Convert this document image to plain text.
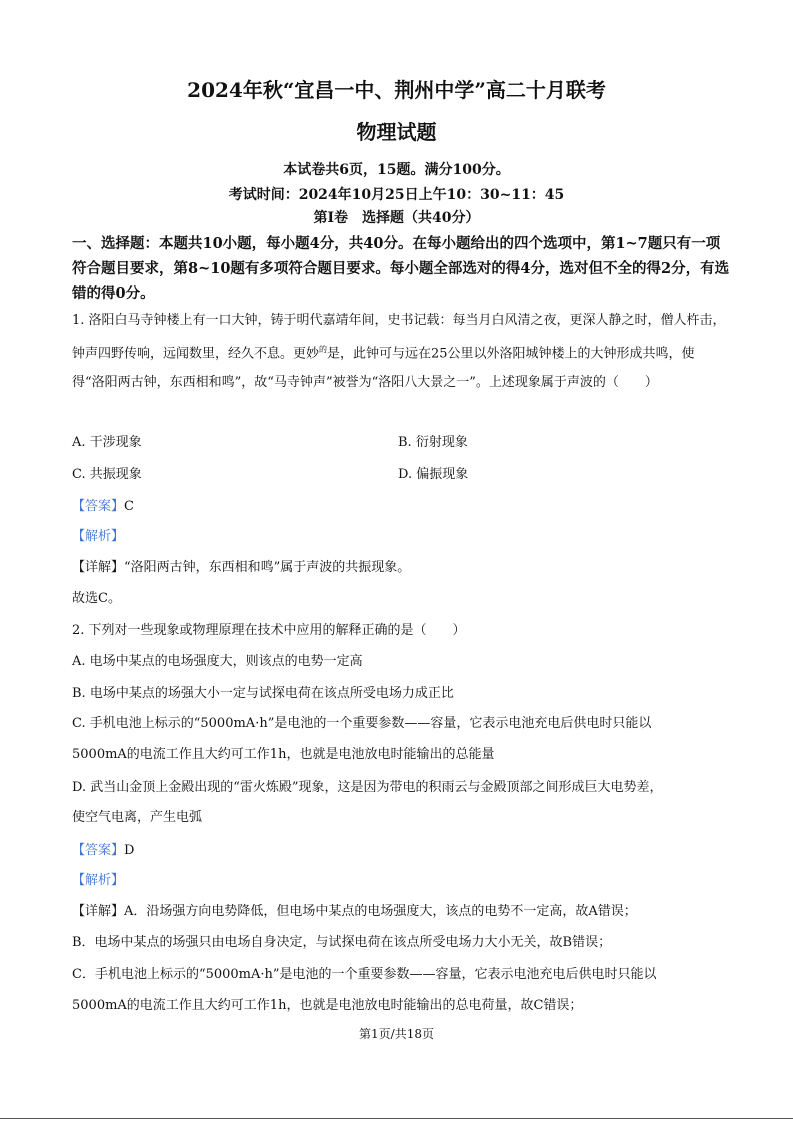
2024年秋“宜昌一中、荆州中学”高二十月联考
物理试题
本试卷共6页，15题。满分100分。
考试时间：2024年10月25日上午10：30~11：45
第Ⅰ卷　选择题（共40分）
一、选择题：本题共10小题，每小题4分，共40分。在每小题给出的四个选项中，第1~7题只有一项符合题目要求，第8~10题有多项符合题目要求。每小题全部选对的得4分，选对但不全的得2分，有选错的得0分。
1. 洛阳白马寺钟楼上有一口大钟，铸于明代嘉靖年间，史书记载：每当月白风清之夜，更深人静之时，僧人杵击，钟声四野传响，远闻数里，经久不息。更妙$^的$是，此钟可与远在25公里以外洛阳城钟楼上的大钟形成共鸣，使得“洛阳两古钟，东西相和鸣”，故“马寺钟声”被誉为“洛阳八大景之一”。上述现象属于声波的（　　）
A. 干涉现象	B. 衍射现象
C. 共振现象	D. 偏振现象
【答案】C
【解析】
【详解】“洛阳两古钟，东西相和鸣”属于声波的共振现象。
故选C。
2. 下列对一些现象或物理原理在技术中应用的解释正确的是（　　）
A. 电场中某点的电场强度大，则该点的电势一定高
B. 电场中某点的场强大小一定与试探电荷在该点所受电场力成正比
C. 手机电池上标示的“5000mA·h”是电池的一个重要参数——容量，它表示电池充电后供电时只能以
5000mA的电流工作且大约可工作1h，也就是电池放电时能输出的总能量
D. 武当山金顶上金殿出现的“雷火炼殿”现象，这是因为带电的积雨云与金殿顶部之间形成巨大电势差，
使空气电离，产生电弧
【答案】D
【解析】
【详解】A．沿场强方向电势降低，但电场中某点的电场强度大，该点的电势不一定高，故A错误；
B．电场中某点的场强只由电场自身决定，与试探电荷在该点所受电场力大小无关，故B错误；
C．手机电池上标示的“5000mA·h”是电池的一个重要参数——容量，它表示电池充电后供电时只能以
5000mA的电流工作且大约可工作1h，也就是电池放电时能输出的总电荷量，故C错误；
第1页/共18页
